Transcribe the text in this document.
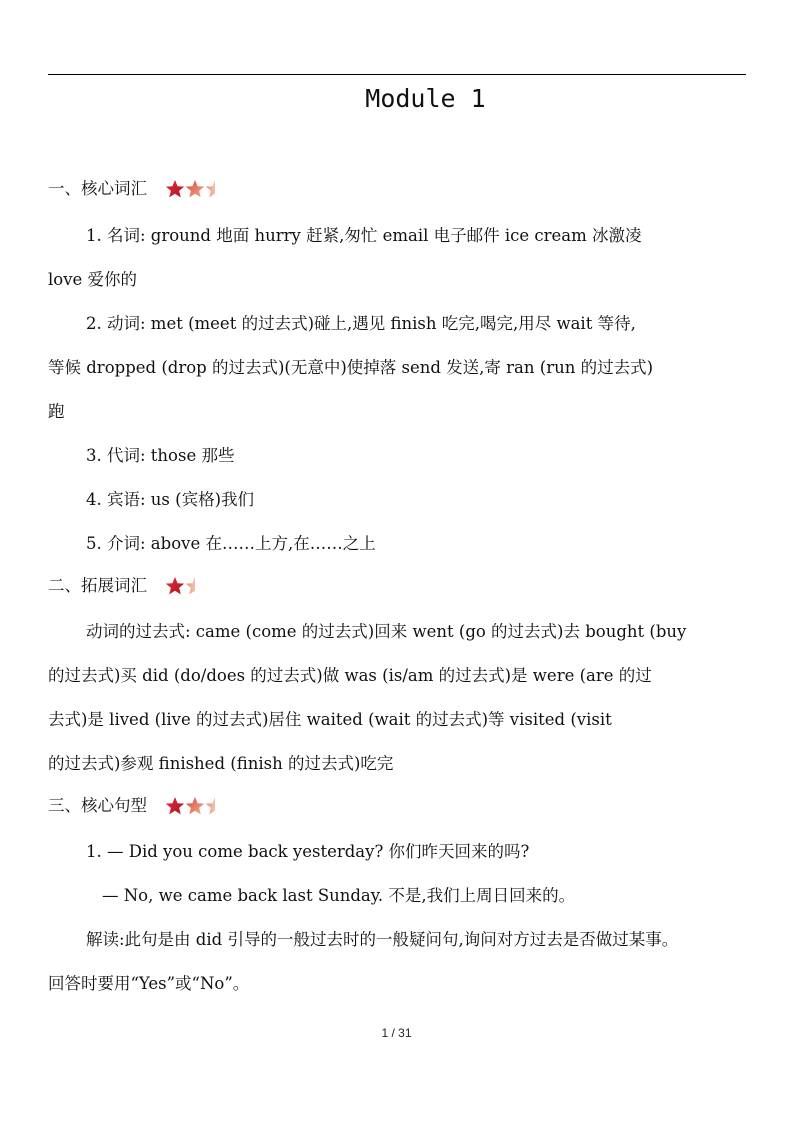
Module 1
一、核心词汇
1. 名词: ground 地面 hurry 赶紧,匆忙 email 电子邮件 ice cream 冰激凌
love 爱你的
2. 动词: met (meet 的过去式)碰上,遇见 finish 吃完,喝完,用尽 wait 等待,
等候 dropped (drop 的过去式)(无意中)使掉落 send 发送,寄 ran (run 的过去式)
跑
3. 代词: those 那些
4. 宾语: us (宾格)我们
5. 介词: above 在……上方,在……之上
二、拓展词汇
动词的过去式: came (come 的过去式)回来 went (go 的过去式)去 bought (buy
的过去式)买 did (do/does 的过去式)做 was (is/am 的过去式)是 were (are 的过
去式)是 lived (live 的过去式)居住 waited (wait 的过去式)等 visited (visit
的过去式)参观 finished (finish 的过去式)吃完
三、核心句型
1. — Did you come back yesterday? 你们昨天回来的吗?
— No, we came back last Sunday. 不是,我们上周日回来的。
解读:此句是由 did 引导的一般过去时的一般疑问句,询问对方过去是否做过某事。
回答时要用“Yes”或“No”。
1 / 31
